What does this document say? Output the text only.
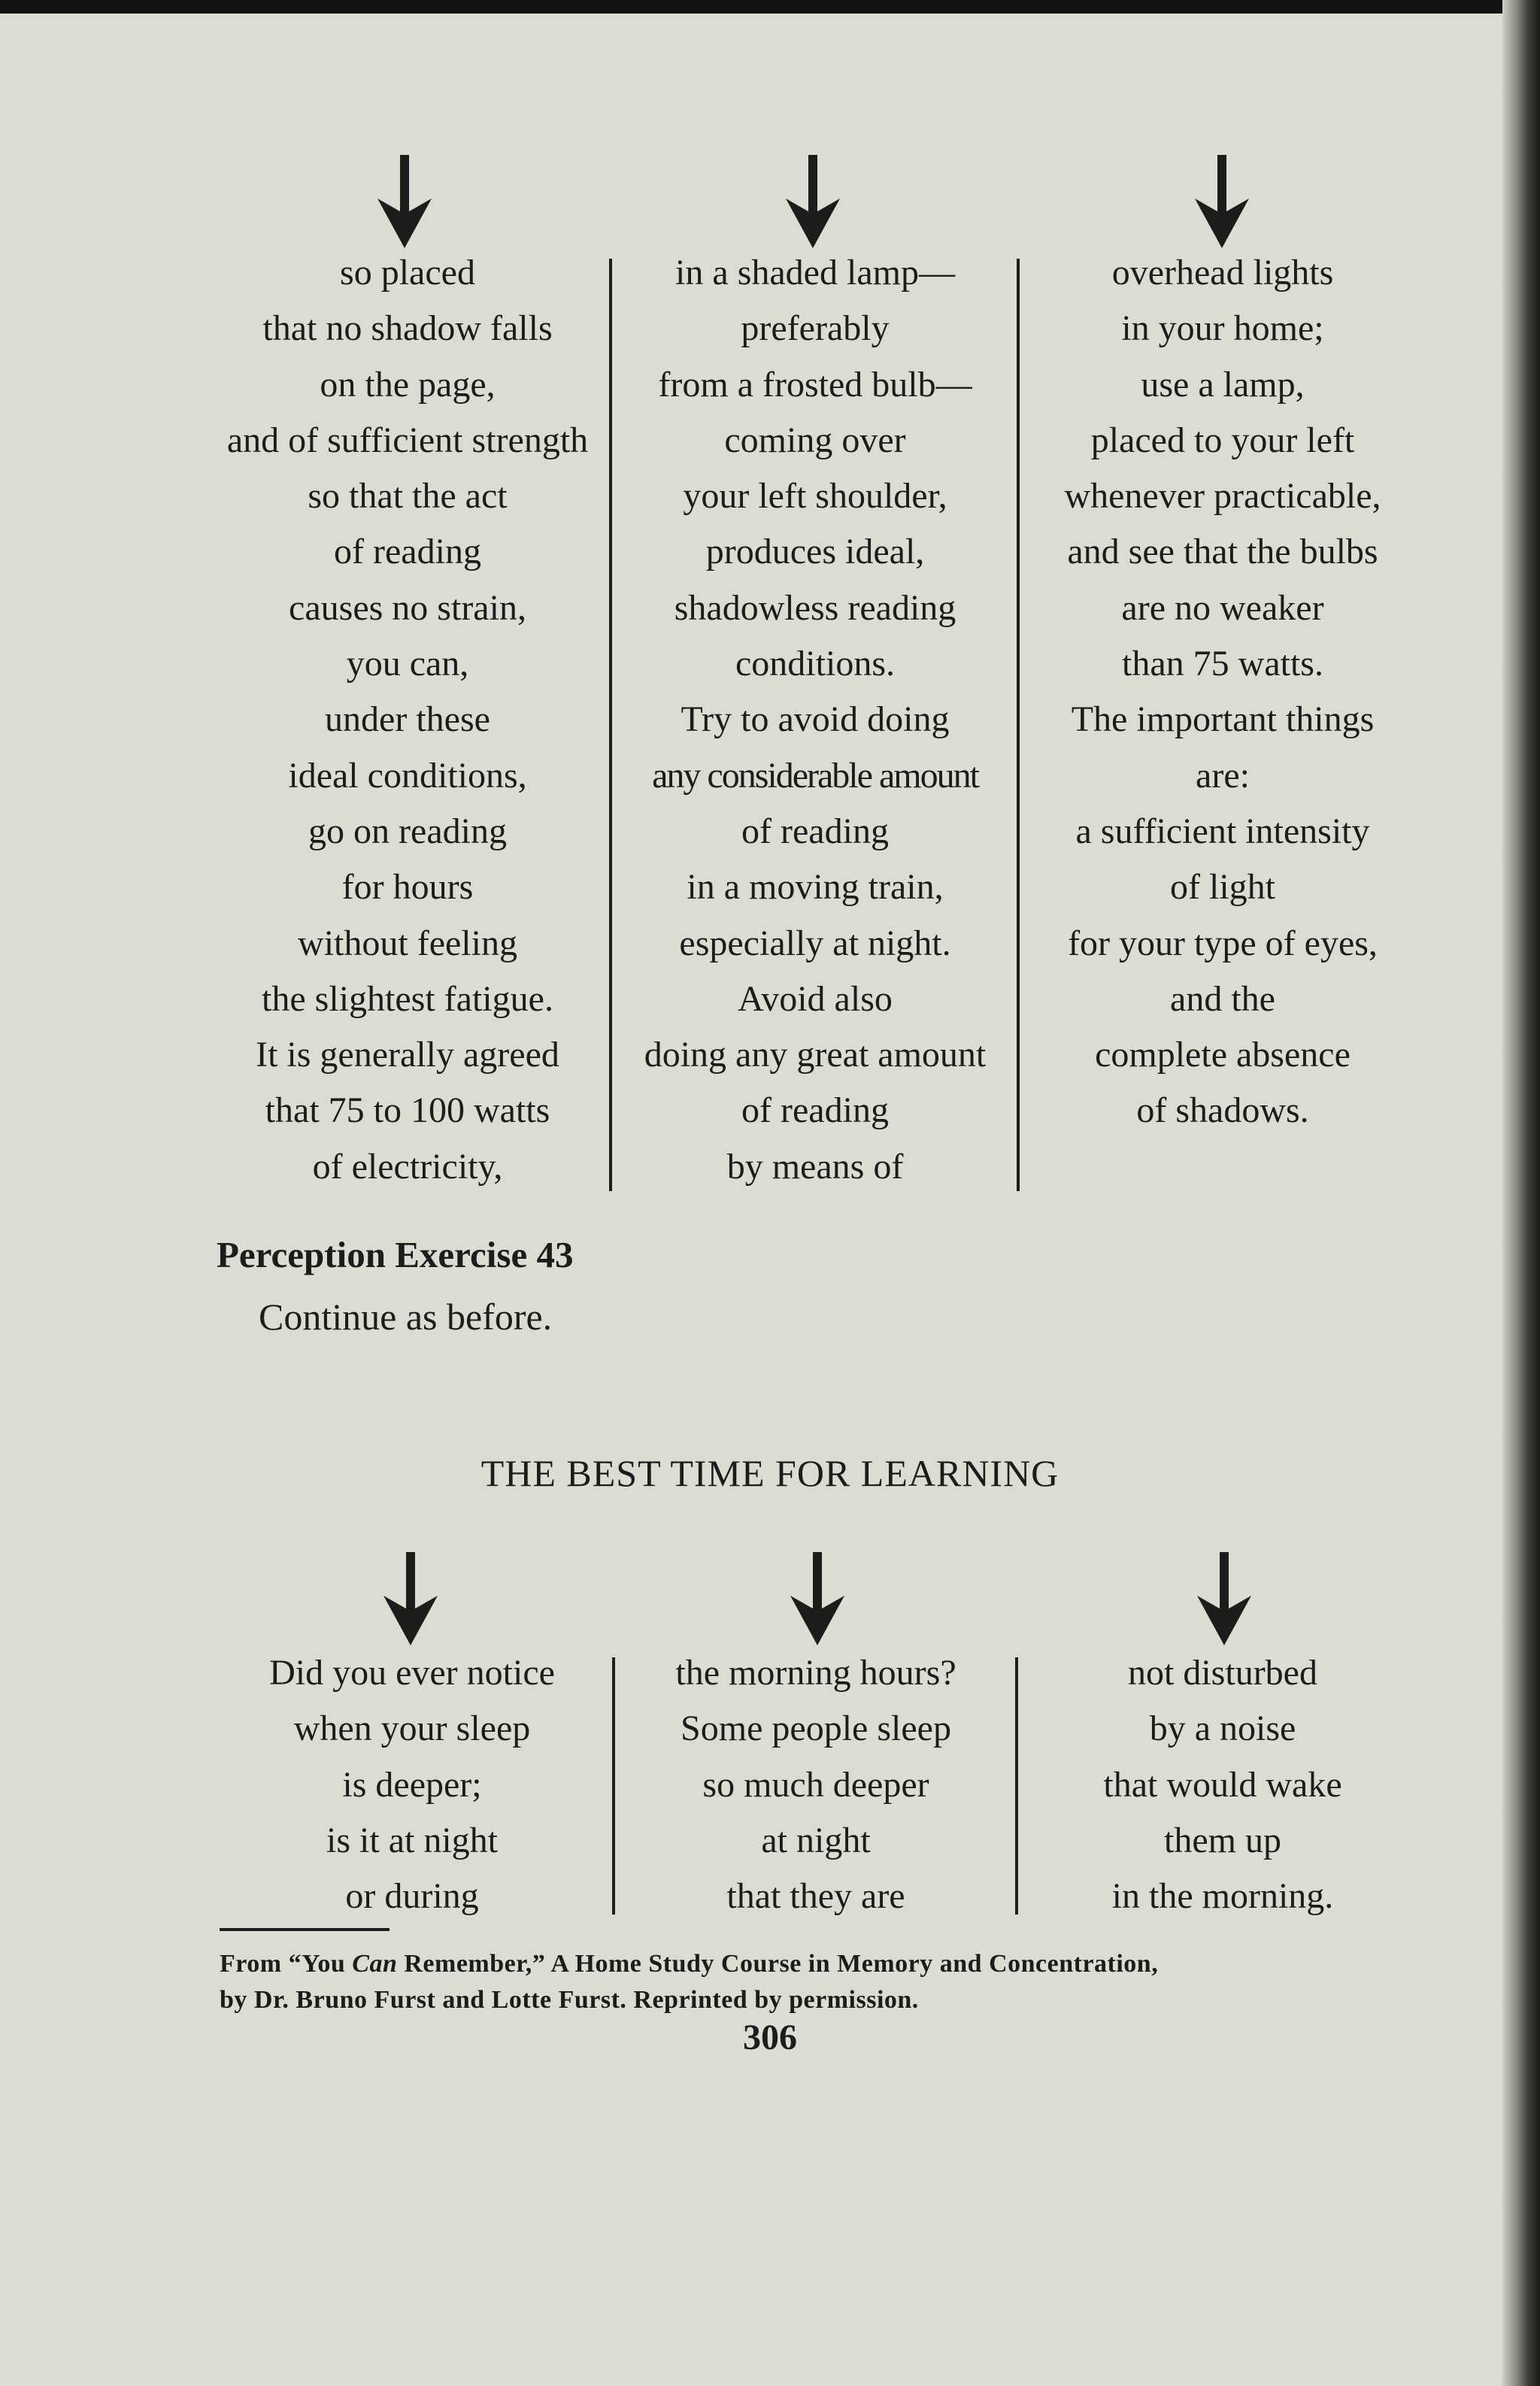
so placed
that no shadow falls
on the page,
and of sufficient strength
so that the act
of reading
causes no strain,
you can,
under these
ideal conditions,
go on reading
for hours
without feeling
the slightest fatigue.
It is generally agreed
that 75 to 100 watts
of electricity,
in a shaded lamp—
preferably
from a frosted bulb—
coming over
your left shoulder,
produces ideal,
shadowless reading
conditions.
Try to avoid doing
any considerable amount
of reading
in a moving train,
especially at night.
Avoid also
doing any great amount
of reading
by means of
overhead lights
in your home;
use a lamp,
placed to your left
whenever practicable,
and see that the bulbs
are no weaker
than 75 watts.
The important things
are:
a sufficient intensity
of light
for your type of eyes,
and the
complete absence
of shadows.
Perception Exercise 43
Continue as before.
THE BEST TIME FOR LEARNING
Did you ever notice
when your sleep
is deeper;
is it at night
or during
the morning hours?
Some people sleep
so much deeper
at night
that they are
not disturbed
by a noise
that would wake
them up
in the morning.
From “You Can Remember,” A Home Study Course in Memory and Concentration,
by Dr. Bruno Furst and Lotte Furst. Reprinted by permission.
306
